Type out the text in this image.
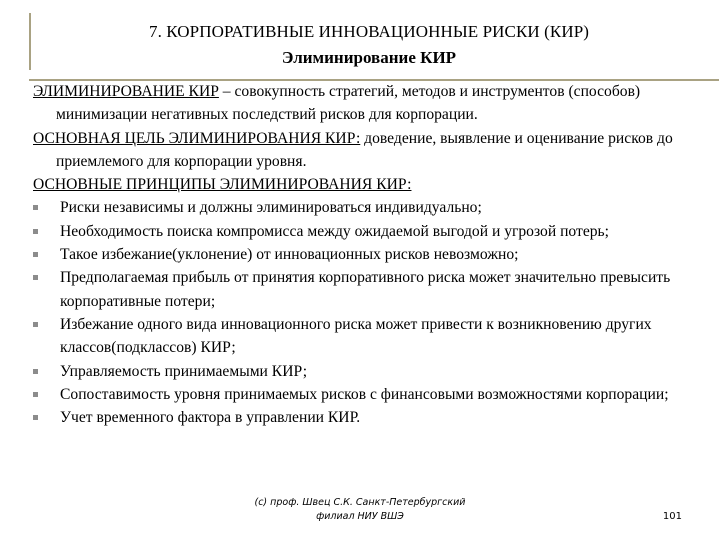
7. КОРПОРАТИВНЫЕ ИННОВАЦИОННЫЕ РИСКИ (КИР)
Элиминирование КИР

ЭЛИМИНИРОВАНИЕ КИР – совокупность стратегий, методов и инструментов (способов) минимизации негативных последствий рисков для корпорации.

ОСНОВНАЯ ЦЕЛЬ ЭЛИМИНИРОВАНИЯ КИР: доведение, выявление и оценивание рисков до приемлемого для корпорации уровня.

ОСНОВНЫЕ ПРИНЦИПЫ ЭЛИМИНИРОВАНИЯ КИР:

Риски независимы и должны элиминироваться индивидуально;
Необходимость поиска компромисса между ожидаемой выгодой и угрозой потерь;
Такое избежание(уклонение) от инновационных рисков невозможно;
Предполагаемая прибыль от принятия корпоративного риска может значительно превысить корпоративные потери;
Избежание одного вида инновационного риска может привести к возникновению других классов(подклассов) КИР;
Управляемость принимаемыми КИР;
Сопоставимость уровня принимаемых рисков с финансовыми возможностями корпорации;
Учет временного фактора в управлении КИР.
(с) проф. Швец С.К. Санкт-Петербургский
филиал НИУ ВШЭ	101
